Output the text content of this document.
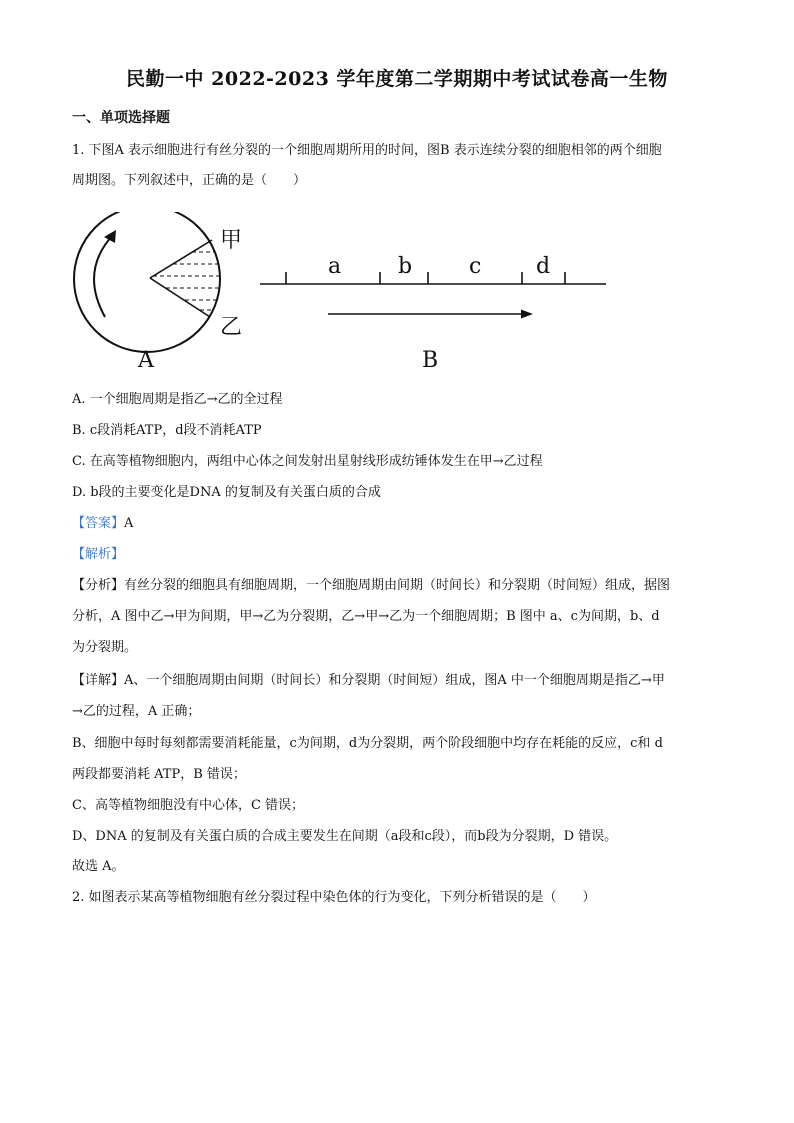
民勤一中 2022-2023 学年度第二学期期中考试试卷高一生物
一、单项选择题
1. 下图A 表示细胞进行有丝分裂的一个细胞周期所用的时间，图B 表示连续分裂的细胞相邻的两个细胞
周期图。下列叙述中，正确的是（　　）
甲
乙
a	b	c d
A	B
A. 一个细胞周期是指乙→乙的全过程
B. c段消耗ATP，d段不消耗ATP
C. 在高等植物细胞内，两组中心体之间发射出星射线形成纺锤体发生在甲→乙过程
D. b段的主要变化是DNA 的复制及有关蛋白质的合成
【答案】A
【解析】
【分析】有丝分裂的细胞具有细胞周期，一个细胞周期由间期（时间长）和分裂期（时间短）组成，据图
分析，A 图中乙→甲为间期，甲→乙为分裂期，乙→甲→乙为一个细胞周期；B 图中 a、c为间期，b、d
为分裂期。
【详解】A、一个细胞周期由间期（时间长）和分裂期（时间短）组成，图A 中一个细胞周期是指乙→甲
→乙的过程，A 正确；
B、细胞中每时每刻都需要消耗能量，c为间期，d为分裂期，两个阶段细胞中均存在耗能的反应，c和 d
两段都要消耗 ATP，B 错误；
C、高等植物细胞没有中心体，C 错误；
D、DNA 的复制及有关蛋白质的合成主要发生在间期（a段和c段），而b段为分裂期，D 错误。
故选 A。
2. 如图表示某高等植物细胞有丝分裂过程中染色体的行为变化，下列分析错误的是（　　）
